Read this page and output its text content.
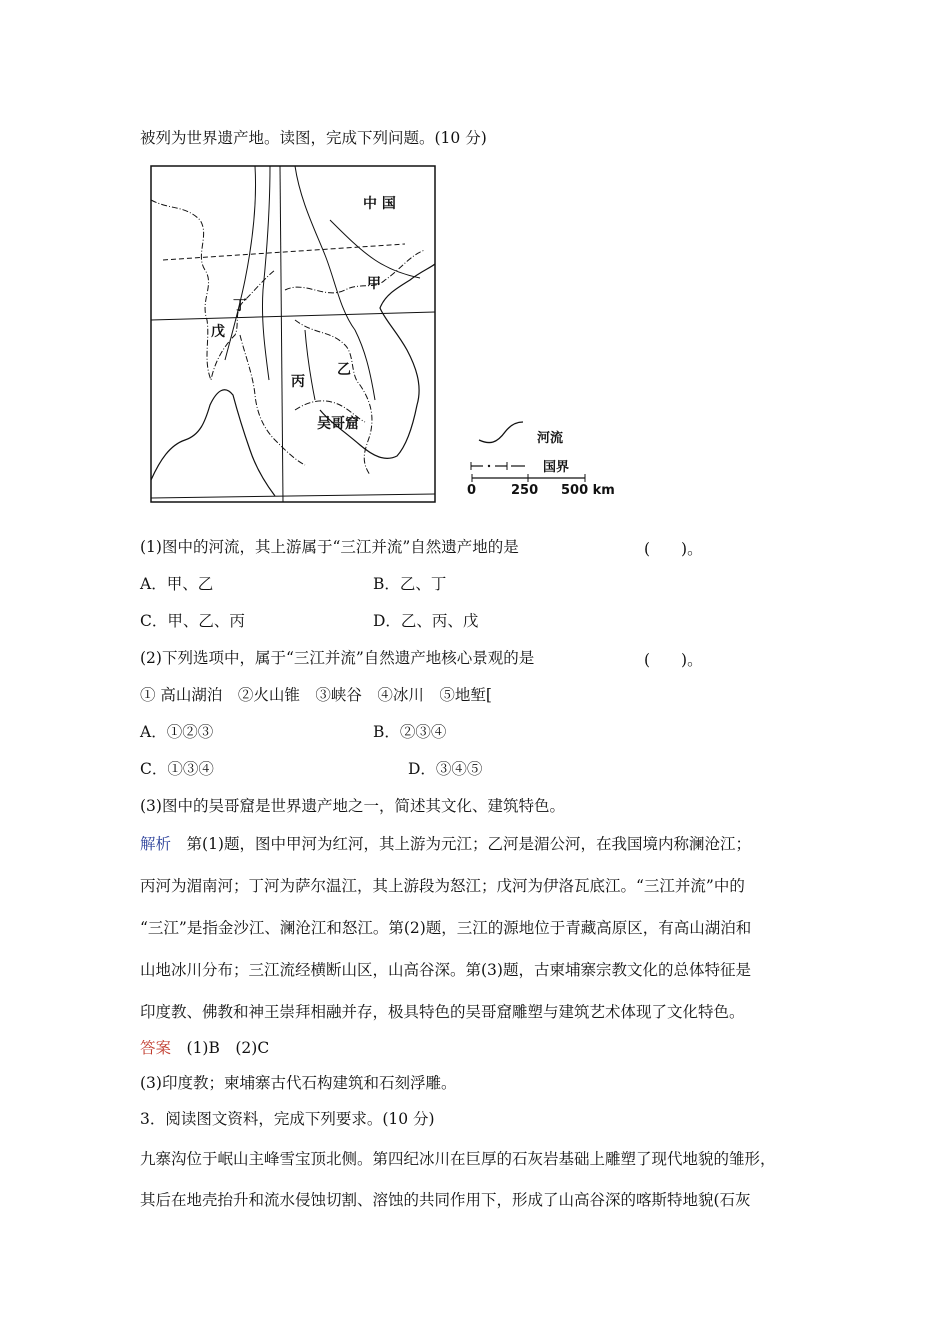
被列为世界遗产地。读图，完成下列问题。(10 分)
中 国
甲
乙
丙
丁
戊
吴哥窟
河流
国界
0	250 500 km
(1)图中的河流，其上游属于“三江并流”自然遗产地的是	(　　)。
A．甲、乙	B．乙、丁
C．甲、乙、丙	D．乙、丙、戊
(2)下列选项中，属于“三江并流”自然遗产地核心景观的是	(　　)。
① 高山湖泊　②火山锥　③峡谷　④冰川　⑤地堑[
A．①②③	B．②③④
C．①③④	D．③④⑤
(3)图中的吴哥窟是世界遗产地之一，简述其文化、建筑特色。
解析　第(1)题，图中甲河为红河，其上游为元江；乙河是湄公河，在我国境内称澜沧江；
丙河为湄南河；丁河为萨尔温江，其上游段为怒江；戊河为伊洛瓦底江。“三江并流”中的
“三江”是指金沙江、澜沧江和怒江。第(2)题，三江的源地位于青藏高原区，有高山湖泊和
山地冰川分布；三江流经横断山区，山高谷深。第(3)题，古柬埔寨宗教文化的总体特征是
印度教、佛教和神王崇拜相融并存，极具特色的吴哥窟雕塑与建筑艺术体现了文化特色。
答案　(1)B　(2)C
(3)印度教；柬埔寨古代石构建筑和石刻浮雕。
3．阅读图文资料，完成下列要求。(10 分)
九寨沟位于岷山主峰雪宝顶北侧。第四纪冰川在巨厚的石灰岩基础上雕塑了现代地貌的雏形，
其后在地壳抬升和流水侵蚀切割、溶蚀的共同作用下，形成了山高谷深的喀斯特地貌(石灰
